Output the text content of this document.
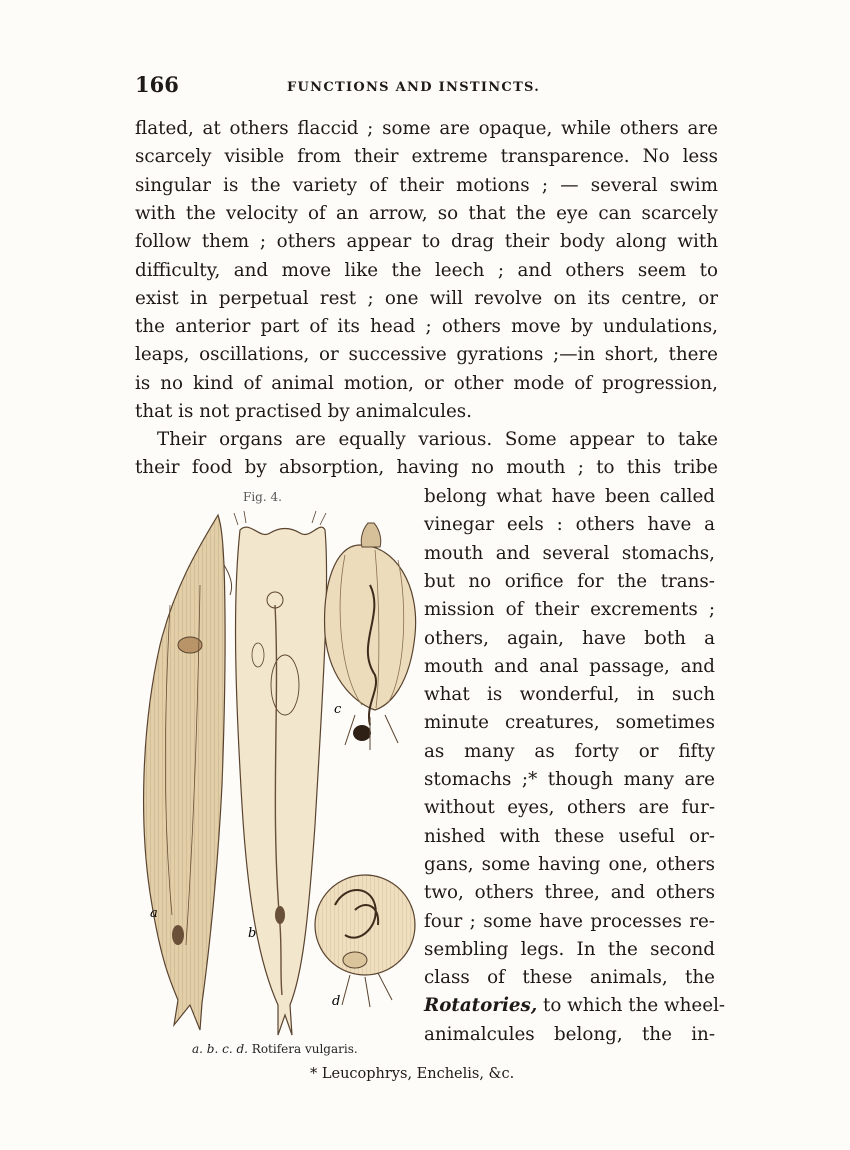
166	FUNCTIONS AND INSTINCTS.
flated, at others flaccid ; some are opaque, while others are
scarcely visible from their extreme transparence. No less
singular is the variety of their motions ; — several swim
with the velocity of an arrow, so that the eye can scarcely
follow them ; others appear to drag their body along with
difficulty, and move like the leech ; and others seem to
exist in perpetual rest ; one will revolve on its centre, or
the anterior part of its head ; others move by undulations,
leaps, oscillations, or successive gyrations ;—in short, there
is no kind of animal motion, or other mode of progression,
that is not practised by animalcules.
Their organs are equally various. Some appear to take
their food by absorption, having no mouth ; to this tribe
belong what have been called
vinegar eels : others have a
mouth and several stomachs,
but no orifice for the trans-
mission of their excrements ;
others, again, have both a
mouth and anal passage, and
what is wonderful, in such
minute creatures, sometimes
as many as forty or fifty
stomachs ;* though many are
without eyes, others are fur-
nished with these useful or-
gans, some having one, others
two, others three, and others
four ; some have processes re-
sembling legs. In the second
class of these animals, the
Rotatories, to which the wheel-
animalcules belong, the in-
Fig. 4.
a
b
c
d
a. b. c. d. Rotifera vulgaris.
* Leucophrys, Enchelis, &c.
